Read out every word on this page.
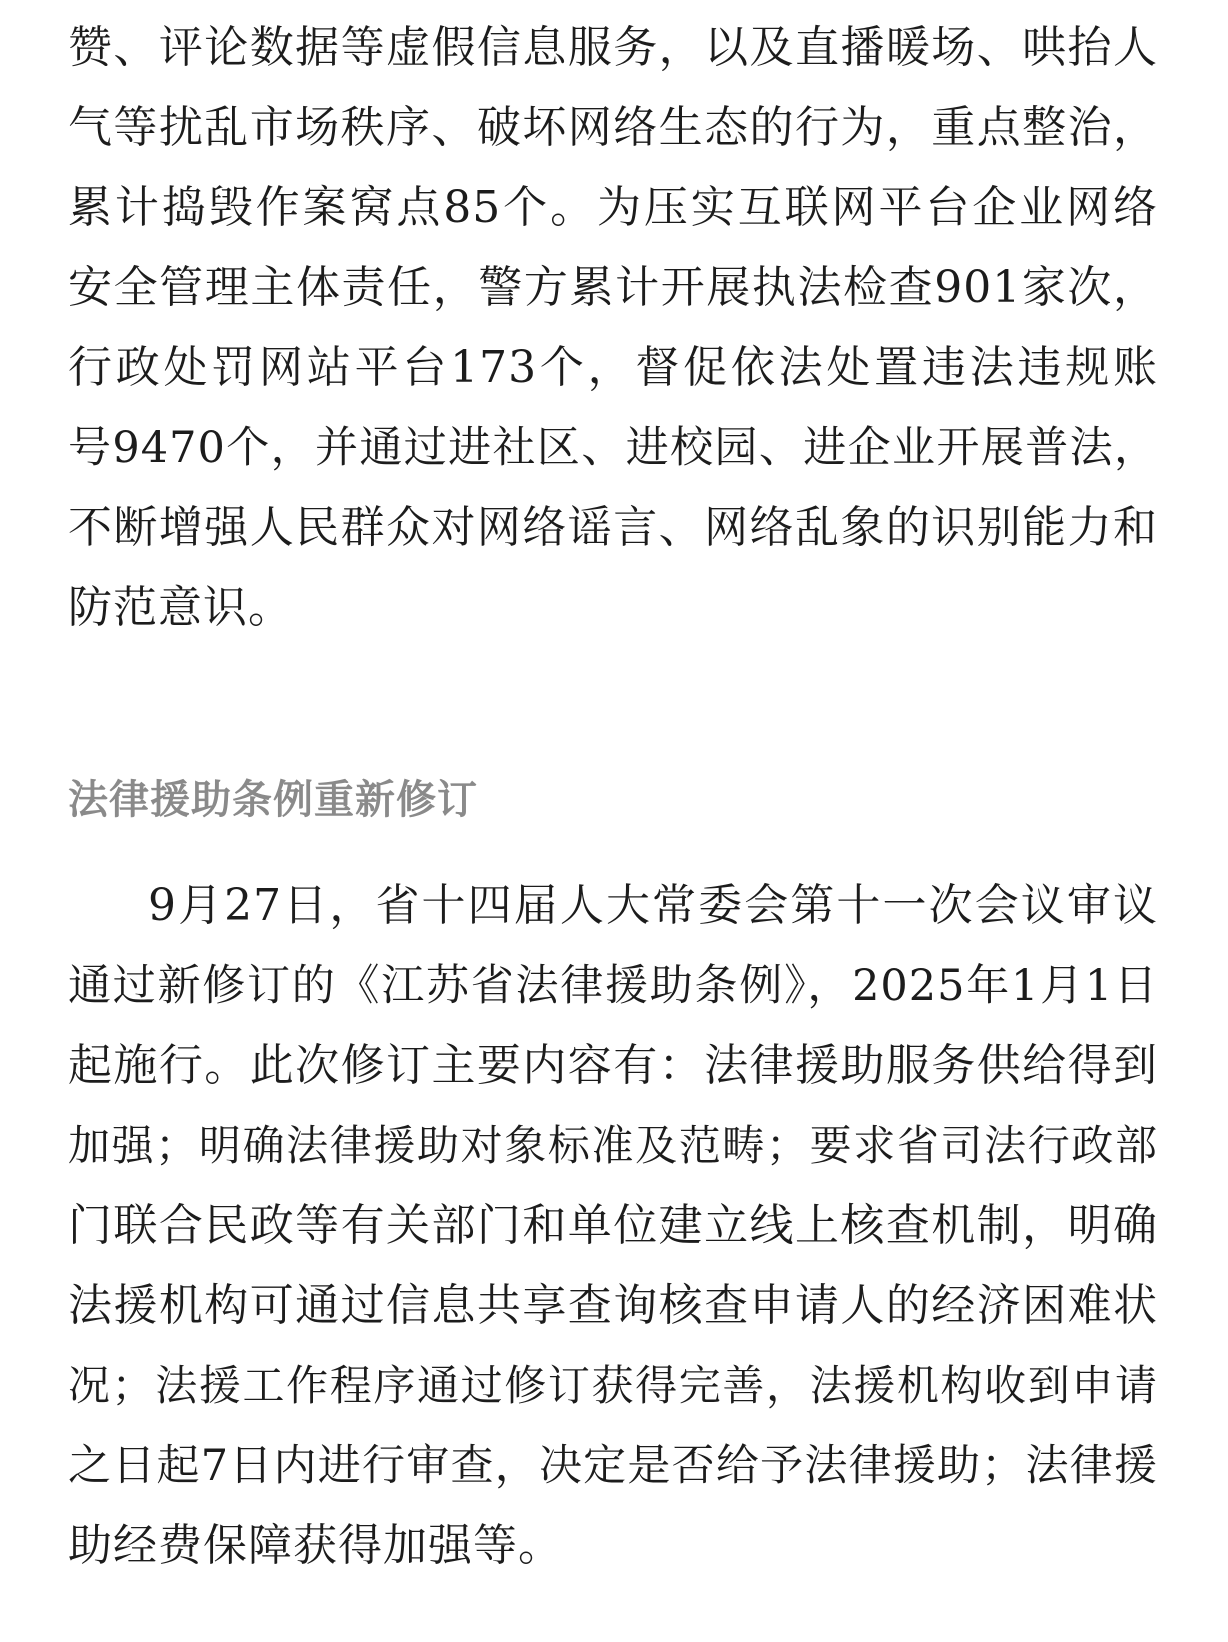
赞、评论数据等虚假信息服务，以及直播暖场、哄抬人
气等扰乱市场秩序、破坏网络生态的行为，重点整治，
累计捣毁作案窝点85个。为压实互联网平台企业网络
安全管理主体责任，警方累计开展执法检查901家次，
行政处罚网站平台173个，督促依法处置违法违规账
号9470个，并通过进社区、进校园、进企业开展普法，
不断增强人民群众对网络谣言、网络乱象的识别能力和
防范意识。
法律援助条例重新修订
9月27日，省十四届人大常委会第十一次会议审议
通过新修订的《江苏省法律援助条例》，2025年1月1日
起施行。此次修订主要内容有：法律援助服务供给得到
加强；明确法律援助对象标准及范畴；要求省司法行政部
门联合民政等有关部门和单位建立线上核查机制，明确
法援机构可通过信息共享查询核查申请人的经济困难状
况；法援工作程序通过修订获得完善，法援机构收到申请
之日起7日内进行审查，决定是否给予法律援助；法律援
助经费保障获得加强等。
